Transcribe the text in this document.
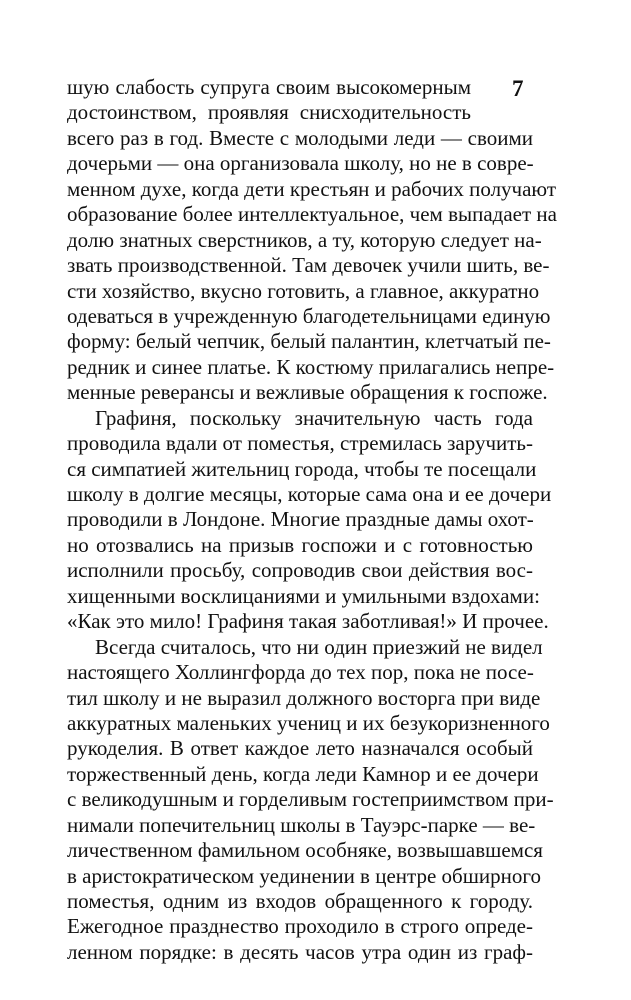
7
шую слабость супруга своим высокомерным
достоинством, проявляя снисходительность
всего раз в год. Вместе с молодыми леди — своими
дочерьми — она организовала школу, но не в совре-
менном духе, когда дети крестьян и рабочих получают
образование более интеллектуальное, чем выпадает на
долю знатных сверстников, а ту, которую следует на-
звать производственной. Там девочек учили шить, ве-
сти хозяйство, вкусно готовить, а главное, аккуратно
одеваться в учрежденную благодетельницами единую
форму: белый чепчик, белый палантин, клетчатый пе-
редник и синее платье. К костюму прилагались непре-
менные реверансы и вежливые обращения к госпоже.
Графиня, поскольку значительную часть года
проводила вдали от поместья, стремилась заручить-
ся симпатией жительниц города, чтобы те посещали
школу в долгие месяцы, которые сама она и ее дочери
проводили в Лондоне. Многие праздные дамы охот-
но отозвались на призыв госпожи и с готовностью
исполнили просьбу, сопроводив свои действия вос-
хищенными восклицаниями и умильными вздохами:
«Как это мило! Графиня такая заботливая!» И прочее.
Всегда считалось, что ни один приезжий не видел
настоящего Холлингфорда до тех пор, пока не посе-
тил школу и не выразил должного восторга при виде
аккуратных маленьких учениц и их безукоризненного
рукоделия. В ответ каждое лето назначался особый
торжественный день, когда леди Камнор и ее дочери
с великодушным и горделивым гостеприимством при-
нимали попечительниц школы в Тауэрс-парке — ве-
личественном фамильном особняке, возвышавшемся
в аристократическом уединении в центре обширного
поместья, одним из входов обращенного к городу.
Ежегодное празднество проходило в строго опреде-
ленном порядке: в десять часов утра один из граф-
